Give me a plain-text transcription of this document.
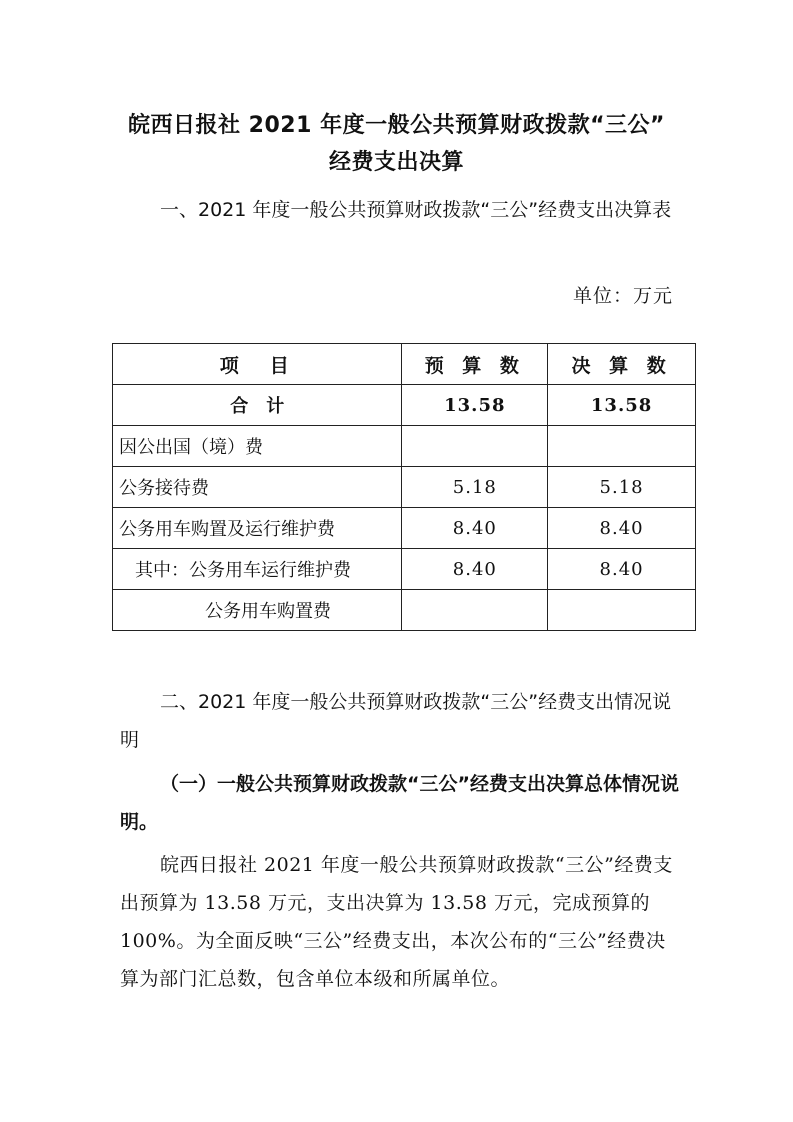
皖西日报社 2021 年度一般公共预算财政拨款“三公”
经费支出决算
一、2021 年度一般公共预算财政拨款“三公”经费支出决算表
单位：万元
项　目	预 算 数	决 算 数
合　计	13.58	13.58
因公出国（境）费		
公务接待费	5.18	5.18
公务用车购置及运行维护费	8.40	8.40
其中：公务用车运行维护费	8.40	8.40
公务用车购置费		
二、2021 年度一般公共预算财政拨款“三公”经费支出情况说明
（一）一般公共预算财政拨款“三公”经费支出决算总体情况说明。
皖西日报社 2021 年度一般公共预算财政拨款“三公”经费支出预算为 13.58 万元，支出决算为 13.58 万元，完成预算的 100%。为全面反映“三公”经费支出，本次公布的“三公”经费决算为部门汇总数，包含单位本级和所属单位。
